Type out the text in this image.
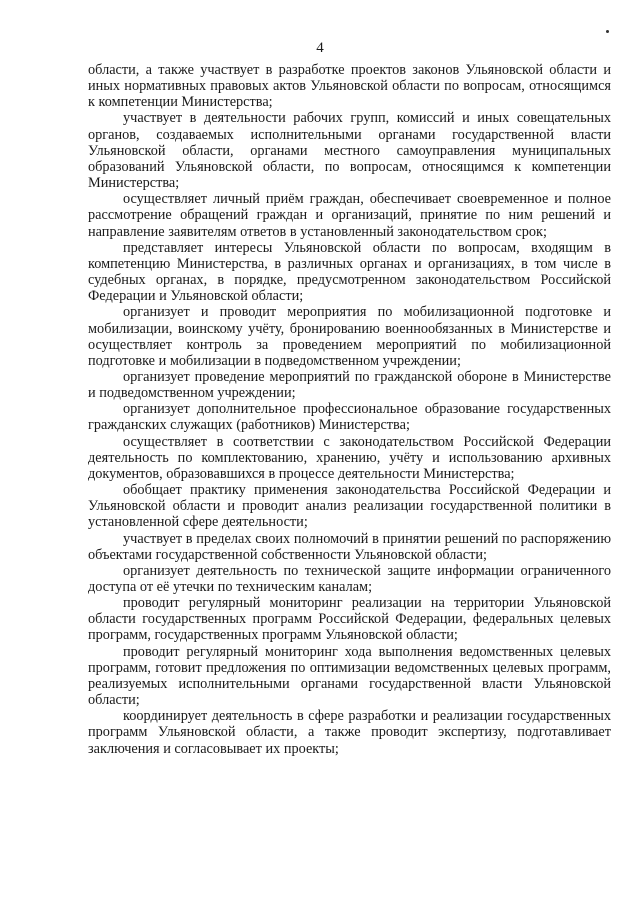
4

области, а также участвует в разработке проектов законов Ульяновской области и иных нормативных правовых актов Ульяновской области по вопросам, относящимся к компетенции Министерства;

участвует в деятельности рабочих групп, комиссий и иных совещательных органов, создаваемых исполнительными органами государственной власти Ульяновской области, органами местного самоуправления муниципальных образований Ульяновской области, по вопросам, относящимся к компетенции Министерства;

осуществляет личный приём граждан, обеспечивает своевременное и полное рассмотрение обращений граждан и организаций, принятие по ним решений и направление заявителям ответов в установленный законодательством срок;

представляет интересы Ульяновской области по вопросам, входящим в компетенцию Министерства, в различных органах и организациях, в том числе в судебных органах, в порядке, предусмотренном законодательством Российской Федерации и Ульяновской области;

организует и проводит мероприятия по мобилизационной подготовке и мобилизации, воинскому учёту, бронированию военнообязанных в Министерстве и осуществляет контроль за проведением мероприятий по мобилизационной подготовке и мобилизации в подведомственном учреждении;

организует проведение мероприятий по гражданской обороне в Министерстве и подведомственном учреждении;

организует дополнительное профессиональное образование государственных гражданских служащих (работников) Министерства;

осуществляет в соответствии с законодательством Российской Федерации деятельность по комплектованию, хранению, учёту и использованию архивных документов, образовавшихся в процессе деятельности Министерства;

обобщает практику применения законодательства Российской Федерации и Ульяновской области и проводит анализ реализации государственной политики в установленной сфере деятельности;

участвует в пределах своих полномочий в принятии решений по распоряжению объектами государственной собственности Ульяновской области;

организует деятельность по технической защите информации ограниченного доступа от её утечки по техническим каналам;

проводит регулярный мониторинг реализации на территории Ульяновской области государственных программ Российской Федерации, федеральных целевых программ, государственных программ Ульяновской области;

проводит регулярный мониторинг хода выполнения ведомственных целевых программ, готовит предложения по оптимизации ведомственных целевых программ, реализуемых исполнительными органами государственной власти Ульяновской области;

координирует деятельность в сфере разработки и реализации государственных программ Ульяновской области, а также проводит экспертизу, подготавливает заключения и согласовывает их проекты;
